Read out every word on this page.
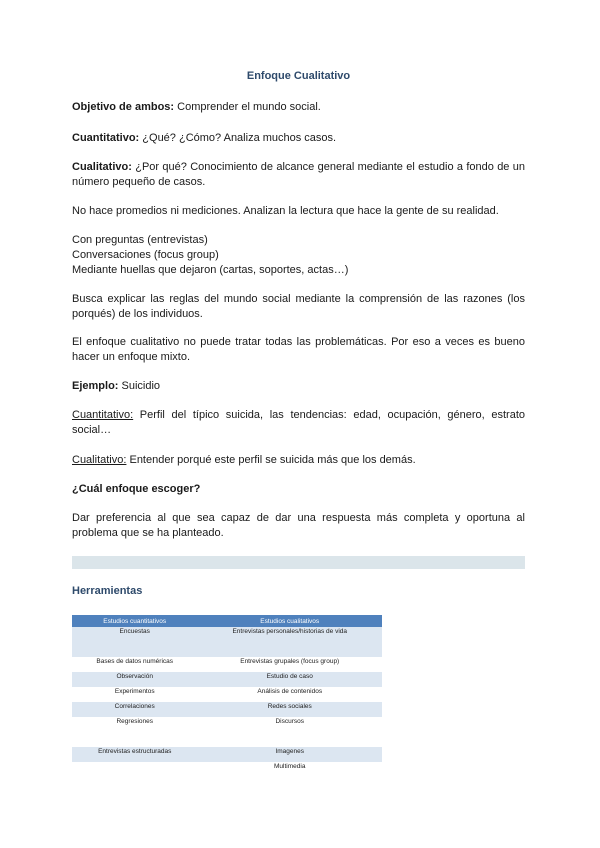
Enfoque Cualitativo
Objetivo de ambos: Comprender el mundo social.
Cuantitativo: ¿Qué? ¿Cómo? Analiza muchos casos.
Cualitativo: ¿Por qué? Conocimiento de alcance general mediante el estudio a fondo de un número pequeño de casos.
No hace promedios ni mediciones. Analizan la lectura que hace la gente de su realidad.
Con preguntas (entrevistas)
Conversaciones (focus group)
Mediante huellas que dejaron (cartas, soportes, actas…)
Busca explicar las reglas del mundo social mediante la comprensión de las razones (los porqués) de los individuos.
El enfoque cualitativo no puede tratar todas las problemáticas. Por eso a veces es bueno hacer un enfoque mixto.
Ejemplo: Suicidio
Cuantitativo: Perfil del típico suicida, las tendencias: edad, ocupación, género, estrato social…
Cualitativo: Entender porqué este perfil se suicida más que los demás.
¿Cuál enfoque escoger?
Dar preferencia al que sea capaz de dar una respuesta más completa y oportuna al problema que se ha planteado.
Herramientas
Estudios cuantitativos	Estudios cualitativos
Encuestas	Entrevistas personales/historias de vida
Bases de datos numéricas	Entrevistas grupales (focus group)
Observación	Estudio de caso
Experimentos	Análisis de contenidos
Correlaciones	Redes sociales
Regresiones	Discursos
Entrevistas estructuradas	Imagenes
	Multimedia
